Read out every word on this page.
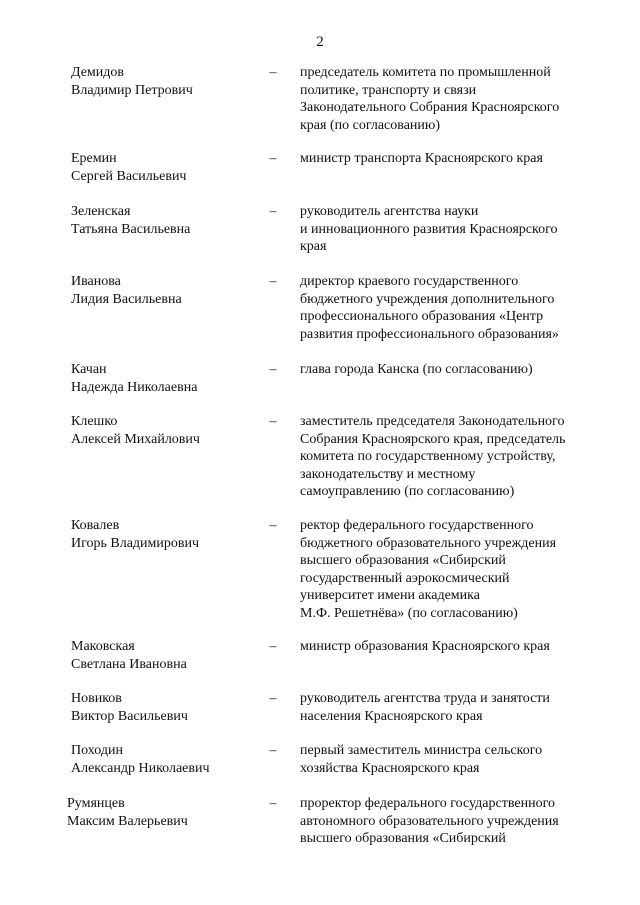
2
Демидов
Владимир Петрович
– председатель комитета по промышленной
политике, транспорту и связи
Законодательного Собрания Красноярского
края (по согласованию)
Еремин
Сергей Васильевич
– министр транспорта Красноярского края
Зеленская
Татьяна Васильевна
– руководитель агентства науки
и инновационного развития Красноярского
края
Иванова
Лидия Васильевна
– директор краевого государственного
бюджетного учреждения дополнительного
профессионального образования «Центр
развития профессионального образования»
Качан
Надежда Николаевна
– глава города Канска (по согласованию)
Клешко
Алексей Михайлович
– заместитель председателя Законодательного
Собрания Красноярского края, председатель
комитета по государственному устройству,
законодательству и местному
самоуправлению (по согласованию)
Ковалев
Игорь Владимирович
– ректор федерального государственного
бюджетного образовательного учреждения
высшего образования «Сибирский
государственный аэрокосмический
университет имени академика
М.Ф. Решетнёва» (по согласованию)
Маковская
Светлана Ивановна
– министр образования Красноярского края
Новиков
Виктор Васильевич
– руководитель агентства труда и занятости
населения Красноярского края
Походин
Александр Николаевич
– первый заместитель министра сельского
хозяйства Красноярского края
Румянцев
Максим Валерьевич
– проректор федерального государственного
автономного образовательного учреждения
высшего образования «Сибирский
